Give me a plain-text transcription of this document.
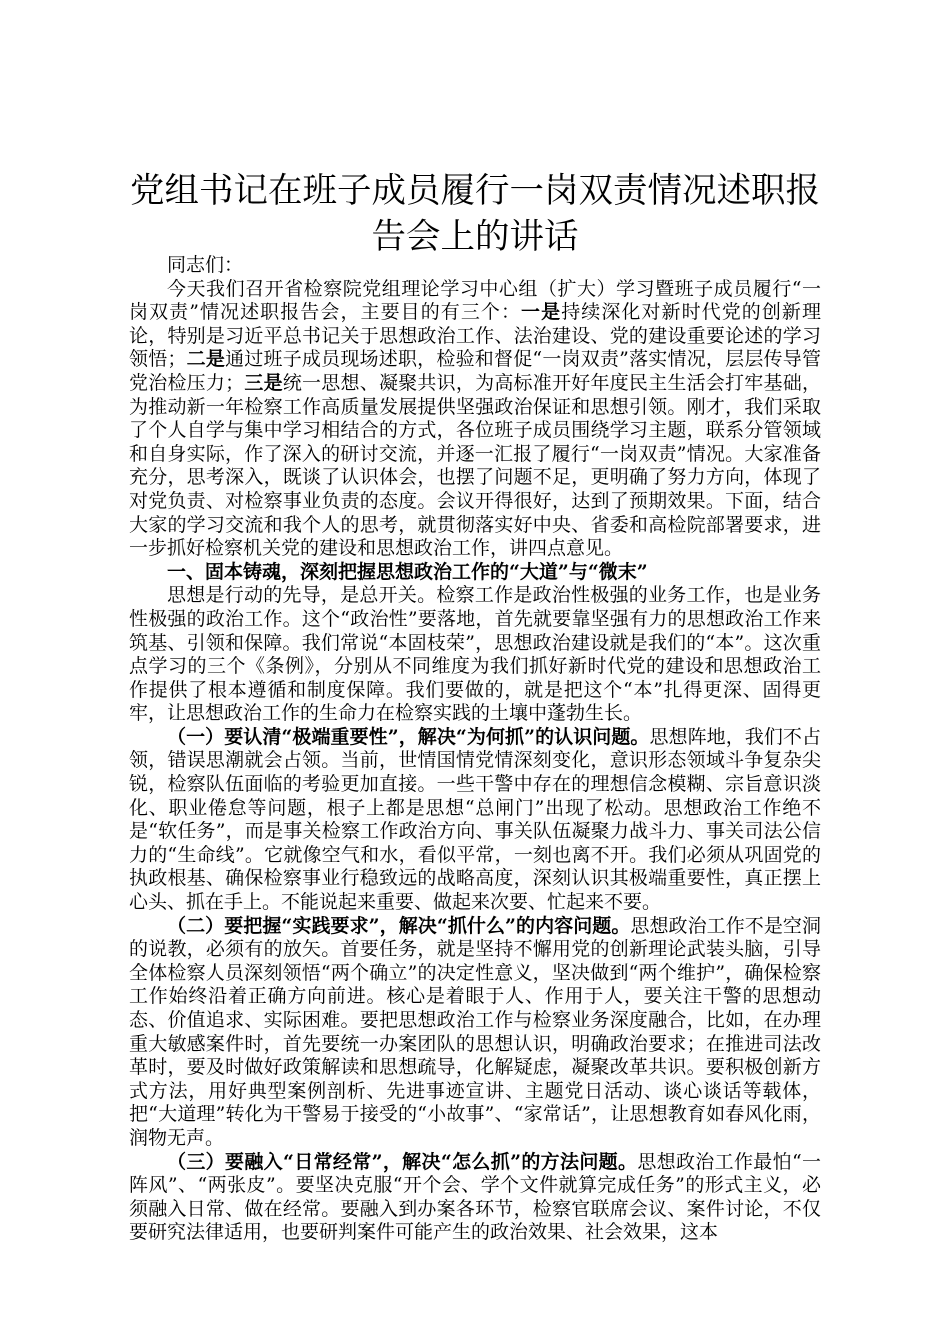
党组书记在班子成员履行一岗双责情况述职报
告会上的讲话

同志们：

今天我们召开省检察院党组理论学习中心组（扩大）学习暨班子成员履行“一岗双责”情况述职报告会，主要目的有三个：一是持续深化对新时代党的创新理论，特别是习近平总书记关于思想政治工作、法治建设、党的建设重要论述的学习领悟；二是通过班子成员现场述职，检验和督促“一岗双责”落实情况，层层传导管党治检压力；三是统一思想、凝聚共识，为高标准开好年度民主生活会打牢基础，为推动新一年检察工作高质量发展提供坚强政治保证和思想引领。刚才，我们采取了个人自学与集中学习相结合的方式，各位班子成员围绕学习主题，联系分管领域和自身实际，作了深入的研讨交流，并逐一汇报了履行“一岗双责”情况。大家准备充分，思考深入，既谈了认识体会，也摆了问题不足，更明确了努力方向，体现了对党负责、对检察事业负责的态度。会议开得很好，达到了预期效果。下面，结合大家的学习交流和我个人的思考，就贯彻落实好中央、省委和高检院部署要求，进一步抓好检察机关党的建设和思想政治工作，讲四点意见。

一、固本铸魂，深刻把握思想政治工作的“大道”与“微末”

思想是行动的先导，是总开关。检察工作是政治性极强的业务工作，也是业务性极强的政治工作。这个“政治性”要落地，首先就要靠坚强有力的思想政治工作来筑基、引领和保障。我们常说“本固枝荣”，思想政治建设就是我们的“本”。这次重点学习的三个《条例》，分别从不同维度为我们抓好新时代党的建设和思想政治工作提供了根本遵循和制度保障。我们要做的，就是把这个“本”扎得更深、固得更牢，让思想政治工作的生命力在检察实践的土壤中蓬勃生长。

（一）要认清“极端重要性”，解决“为何抓”的认识问题。思想阵地，我们不占领，错误思潮就会占领。当前，世情国情党情深刻变化，意识形态领域斗争复杂尖锐，检察队伍面临的考验更加直接。一些干警中存在的理想信念模糊、宗旨意识淡化、职业倦怠等问题，根子上都是思想“总闸门”出现了松动。思想政治工作绝不是“软任务”，而是事关检察工作政治方向、事关队伍凝聚力战斗力、事关司法公信力的“生命线”。它就像空气和水，看似平常，一刻也离不开。我们必须从巩固党的执政根基、确保检察事业行稳致远的战略高度，深刻认识其极端重要性，真正摆上心头、抓在手上。不能说起来重要、做起来次要、忙起来不要。

（二）要把握“实践要求”，解决“抓什么”的内容问题。思想政治工作不是空洞的说教，必须有的放矢。首要任务，就是坚持不懈用党的创新理论武装头脑，引导全体检察人员深刻领悟“两个确立”的决定性意义，坚决做到“两个维护”，确保检察工作始终沿着正确方向前进。核心是着眼于人、作用于人，要关注干警的思想动态、价值追求、实际困难。要把思想政治工作与检察业务深度融合，比如，在办理重大敏感案件时，首先要统一办案团队的思想认识，明确政治要求；在推进司法改革时，要及时做好政策解读和思想疏导，化解疑虑，凝聚改革共识。要积极创新方式方法，用好典型案例剖析、先进事迹宣讲、主题党日活动、谈心谈话等载体，把“大道理”转化为干警易于接受的“小故事”、“家常话”，让思想教育如春风化雨，润物无声。

（三）要融入“日常经常”，解决“怎么抓”的方法问题。思想政治工作最怕“一阵风”、“两张皮”。要坚决克服“开个会、学个文件就算完成任务”的形式主义，必须融入日常、做在经常。要融入到办案各环节，检察官联席会议、案件讨论，不仅要研究法律适用，也要研判案件可能产生的政治效果、社会效果，这本
